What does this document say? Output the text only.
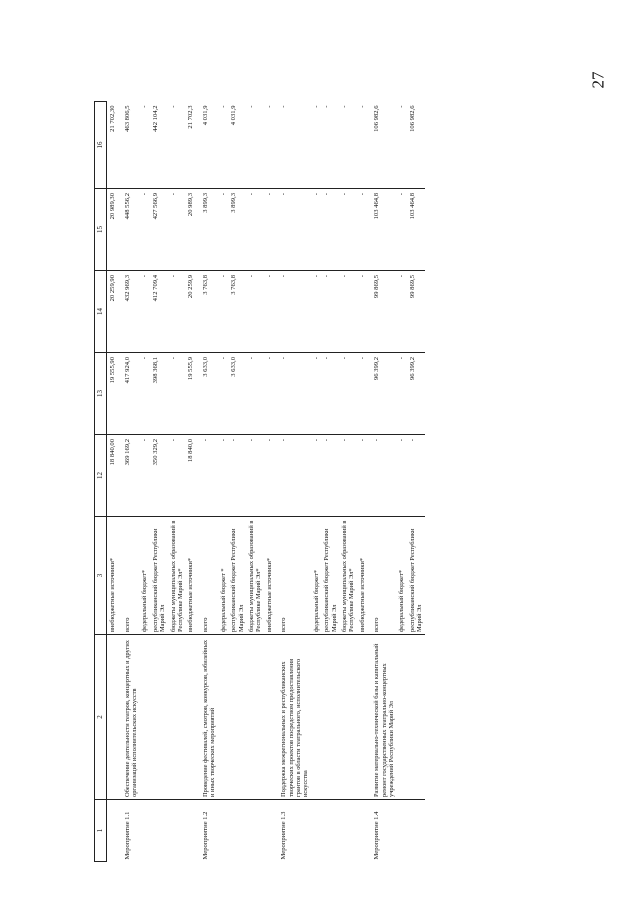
27
1	2	3	12	13	14	15	16
		внебюджетные источники*	18 840,00	19 555,90	20 259,90	20 989,30	21 702,30
Мероприятие 1.1	Обеспечение деятельности театров, концертных и других организаций исполнительских искусств	всего	369 169,2	417 924,0	432 969,3	448 556,2	463 806,5
		федеральный бюджет*	-	-	-	-	-
		республиканский бюджет Республики Марий Эл	350 329,2	398 368,1	412 709,4	427 566,9	442 104,2
		бюджеты муниципальных образований в Республике Марий Эл*	-	-	-	-	-
		внебюджетные источники*	18 840,0	19 555,9	20 259,9	20 989,3	21 702,3
Мероприятие 1.2	Проведение фестивалей, смотров, конкурсов, юбилейных и иных творческих мероприятий	всего	-	3 633,0	3 763,8	3 899,3	4 031,9
		федеральный бюджет *	-	-	-	-	-
		республиканский бюджет Республики Марий Эл	-	3 633,0	3 763,8	3 899,3	4 031,9
		бюджеты муниципальных образований в Республике Марий Эл*	-	-	-	-	-
		внебюджетные источники*	-	-	-	-	-
Мероприятие 1.3	Поддержка межрегиональных и республиканских творческих проектов посредством предоставления грантов в области театрального, исполнительского искусства	всего	-	-	-	-	-
		федеральный бюджет*	-	-	-	-	-
		республиканский бюджет Республики Марий Эл	-	-	-	-	-
		бюджеты муниципальных образований в Республике Марий Эл*	-	-	-	-	-
		внебюджетные источники*	-	-	-	-	-
Мероприятие 1.4	Развитие материально-технической базы и капитальный ремонт государственных театрально-концертных учреждений Республики Марий Эл	всего	-	96 399,2	99 869,5	103 464,8	106 982,6
		федеральный бюджет*	-	-	-	-	-
		республиканский бюджет Республики Марий Эл	-	96 399,2	99 869,5	103 464,8	106 982,6
